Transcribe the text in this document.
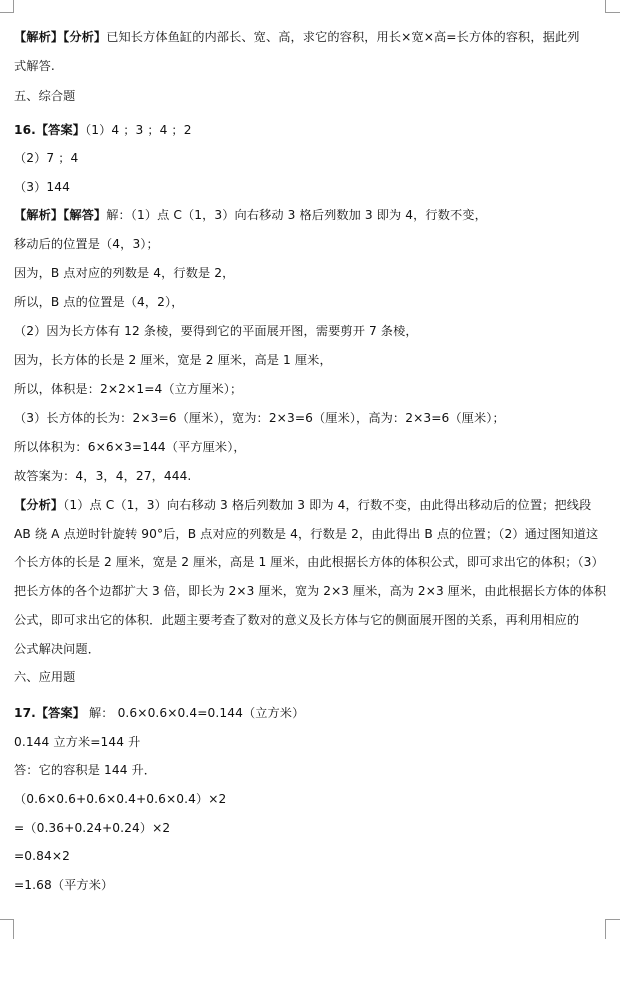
【解析】【分析】已知长方体鱼缸的内部长、宽、高，求它的容积，用长×宽×高=长方体的容积，据此列
式解答.
五、综合题
16.【答案】（1）4 ；3 ；4 ；2
（2）7 ；4
（3）144
【解析】【解答】解：（1）点 C（1，3）向右移动 3 格后列数加 3 即为 4，行数不变，
移动后的位置是（4，3）；
因为，B 点对应的列数是 4，行数是 2，
所以，B 点的位置是（4，2），
（2）因为长方体有 12 条棱，要得到它的平面展开图，需要剪开 7 条棱，
因为，长方体的长是 2 厘米，宽是 2 厘米，高是 1 厘米，
所以，体积是：2×2×1=4（立方厘米）；
（3）长方体的长为：2×3=6（厘米），宽为：2×3=6（厘米），高为：2×3=6（厘米）；
所以体积为：6×6×3=144（平方厘米），
故答案为：4，3，4，27，444.
【分析】（1）点 C（1，3）向右移动 3 格后列数加 3 即为 4，行数不变，由此得出移动后的位置；把线段
AB 绕 A 点逆时针旋转 90°后，B 点对应的列数是 4，行数是 2，由此得出 B 点的位置；（2）通过图知道这
个长方体的长是 2 厘米，宽是 2 厘米，高是 1 厘米，由此根据长方体的体积公式，即可求出它的体积；（3）
把长方体的各个边都扩大 3 倍，即长为 2×3 厘米，宽为 2×3 厘米，高为 2×3 厘米，由此根据长方体的体积
公式，即可求出它的体积．此题主要考查了数对的意义及长方体与它的侧面展开图的关系，再利用相应的
公式解决问题．
六、应用题
17.【答案】 解： 0.6×0.6×0.4=0.144（立方米）
0.144 立方米=144 升
答：它的容积是 144 升．
（0.6×0.6+0.6×0.4+0.6×0.4）×2
=（0.36+0.24+0.24）×2
=0.84×2
=1.68（平方米）
